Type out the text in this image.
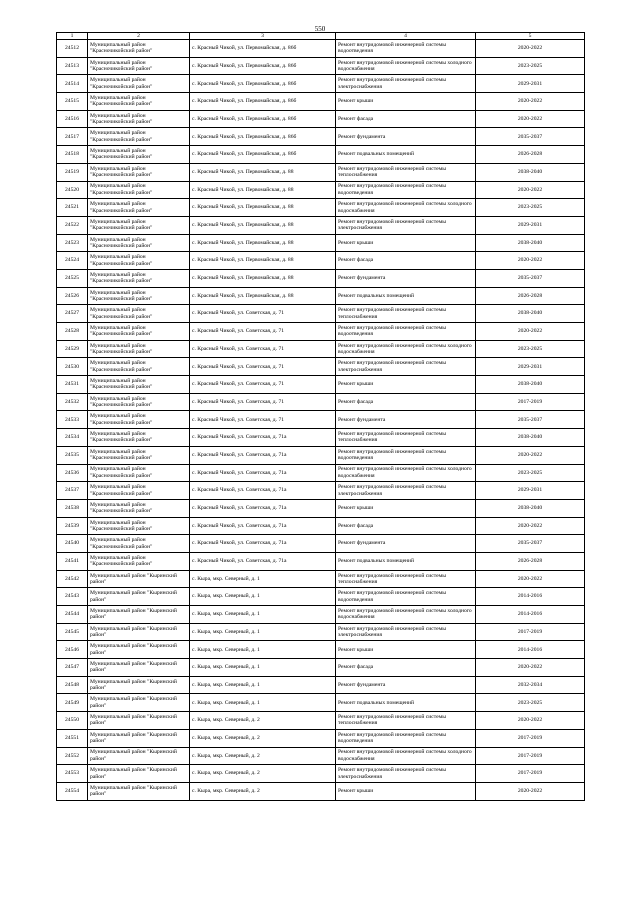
550
1	2	3	4	5
24512	Муниципальный район "Красночикойский район"	с. Красный Чикой, ул. Первомайская, д. 86б	Ремонт внутридомовой инженерной системы водоотведения	2020-2022
24513	Муниципальный район "Красночикойский район"	с. Красный Чикой, ул. Первомайская, д. 86б	Ремонт внутридомовой инженерной системы холодного водоснабжения	2023-2025
24514	Муниципальный район "Красночикойский район"	с. Красный Чикой, ул. Первомайская, д. 86б	Ремонт внутридомовой инженерной системы электроснабжения	2029-2031
24515	Муниципальный район "Красночикойский район"	с. Красный Чикой, ул. Первомайская, д. 86б	Ремонт крыши	2020-2022
24516	Муниципальный район "Красночикойский район"	с. Красный Чикой, ул. Первомайская, д. 86б	Ремонт фасада	2020-2022
24517	Муниципальный район "Красночикойский район"	с. Красный Чикой, ул. Первомайская, д. 86б	Ремонт фундамента	2035-2037
24518	Муниципальный район "Красночикойский район"	с. Красный Чикой, ул. Первомайская, д. 86б	Ремонт подвальных помещений	2026-2028
24519	Муниципальный район "Красночикойский район"	с. Красный Чикой, ул. Первомайская, д. 88	Ремонт внутридомовой инженерной системы теплоснабжения	2038-2040
24520	Муниципальный район "Красночикойский район"	с. Красный Чикой, ул. Первомайская, д. 88	Ремонт внутридомовой инженерной системы водоотведения	2020-2022
24521	Муниципальный район "Красночикойский район"	с. Красный Чикой, ул. Первомайская, д. 88	Ремонт внутридомовой инженерной системы холодного водоснабжения	2023-2025
24522	Муниципальный район "Красночикойский район"	с. Красный Чикой, ул. Первомайская, д. 88	Ремонт внутридомовой инженерной системы электроснабжения	2029-2031
24523	Муниципальный район "Красночикойский район"	с. Красный Чикой, ул. Первомайская, д. 88	Ремонт крыши	2038-2040
24524	Муниципальный район "Красночикойский район"	с. Красный Чикой, ул. Первомайская, д. 88	Ремонт фасада	2020-2022
24525	Муниципальный район "Красночикойский район"	с. Красный Чикой, ул. Первомайская, д. 88	Ремонт фундамента	2035-2037
24526	Муниципальный район "Красночикойский район"	с. Красный Чикой, ул. Первомайская, д. 88	Ремонт подвальных помещений	2026-2028
24527	Муниципальный район "Красночикойский район"	с. Красный Чикой, ул. Советская, д. 71	Ремонт внутридомовой инженерной системы теплоснабжения	2038-2040
24528	Муниципальный район "Красночикойский район"	с. Красный Чикой, ул. Советская, д. 71	Ремонт внутридомовой инженерной системы водоотведения	2020-2022
24529	Муниципальный район "Красночикойский район"	с. Красный Чикой, ул. Советская, д. 71	Ремонт внутридомовой инженерной системы холодного водоснабжения	2023-2025
24530	Муниципальный район "Красночикойский район"	с. Красный Чикой, ул. Советская, д. 71	Ремонт внутридомовой инженерной системы электроснабжения	2029-2031
24531	Муниципальный район "Красночикойский район"	с. Красный Чикой, ул. Советская, д. 71	Ремонт крыши	2038-2040
24532	Муниципальный район "Красночикойский район"	с. Красный Чикой, ул. Советская, д. 71	Ремонт фасада	2017-2019
24533	Муниципальный район "Красночикойский район"	с. Красный Чикой, ул. Советская, д. 71	Ремонт фундамента	2035-2037
24534	Муниципальный район "Красночикойский район"	с. Красный Чикой, ул. Советская, д. 71а	Ремонт внутридомовой инженерной системы теплоснабжения	2038-2040
24535	Муниципальный район "Красночикойский район"	с. Красный Чикой, ул. Советская, д. 71а	Ремонт внутридомовой инженерной системы водоотведения	2020-2022
24536	Муниципальный район "Красночикойский район"	с. Красный Чикой, ул. Советская, д. 71а	Ремонт внутридомовой инженерной системы холодного водоснабжения	2023-2025
24537	Муниципальный район "Красночикойский район"	с. Красный Чикой, ул. Советская, д. 71а	Ремонт внутридомовой инженерной системы электроснабжения	2029-2031
24538	Муниципальный район "Красночикойский район"	с. Красный Чикой, ул. Советская, д. 71а	Ремонт крыши	2038-2040
24539	Муниципальный район "Красночикойский район"	с. Красный Чикой, ул. Советская, д. 71а	Ремонт фасада	2020-2022
24540	Муниципальный район "Красночикойский район"	с. Красный Чикой, ул. Советская, д. 71а	Ремонт фундамента	2035-2037
24541	Муниципальный район "Красночикойский район"	с. Красный Чикой, ул. Советская, д. 71а	Ремонт подвальных помещений	2026-2028
24542	Муниципальный район "Кыринский район"	с. Кыра, мкр. Северный, д. 1	Ремонт внутридомовой инженерной системы теплоснабжения	2020-2022
24543	Муниципальный район "Кыринский район"	с. Кыра, мкр. Северный, д. 1	Ремонт внутридомовой инженерной системы водоотведения	2014-2016
24544	Муниципальный район "Кыринский район"	с. Кыра, мкр. Северный, д. 1	Ремонт внутридомовой инженерной системы холодного водоснабжения	2014-2016
24545	Муниципальный район "Кыринский район"	с. Кыра, мкр. Северный, д. 1	Ремонт внутридомовой инженерной системы электроснабжения	2017-2019
24546	Муниципальный район "Кыринский район"	с. Кыра, мкр. Северный, д. 1	Ремонт крыши	2014-2016
24547	Муниципальный район "Кыринский район"	с. Кыра, мкр. Северный, д. 1	Ремонт фасада	2020-2022
24548	Муниципальный район "Кыринский район"	с. Кыра, мкр. Северный, д. 1	Ремонт фундамента	2032-2034
24549	Муниципальный район "Кыринский район"	с. Кыра, мкр. Северный, д. 1	Ремонт подвальных помещений	2023-2025
24550	Муниципальный район "Кыринский район"	с. Кыра, мкр. Северный, д. 2	Ремонт внутридомовой инженерной системы теплоснабжения	2020-2022
24551	Муниципальный район "Кыринский район"	с. Кыра, мкр. Северный, д. 2	Ремонт внутридомовой инженерной системы водоотведения	2017-2019
24552	Муниципальный район "Кыринский район"	с. Кыра, мкр. Северный, д. 2	Ремонт внутридомовой инженерной системы холодного водоснабжения	2017-2019
24553	Муниципальный район "Кыринский район"	с. Кыра, мкр. Северный, д. 2	Ремонт внутридомовой инженерной системы электроснабжения	2017-2019
24554	Муниципальный район "Кыринский район"	с. Кыра, мкр. Северный, д. 2	Ремонт крыши	2020-2022
